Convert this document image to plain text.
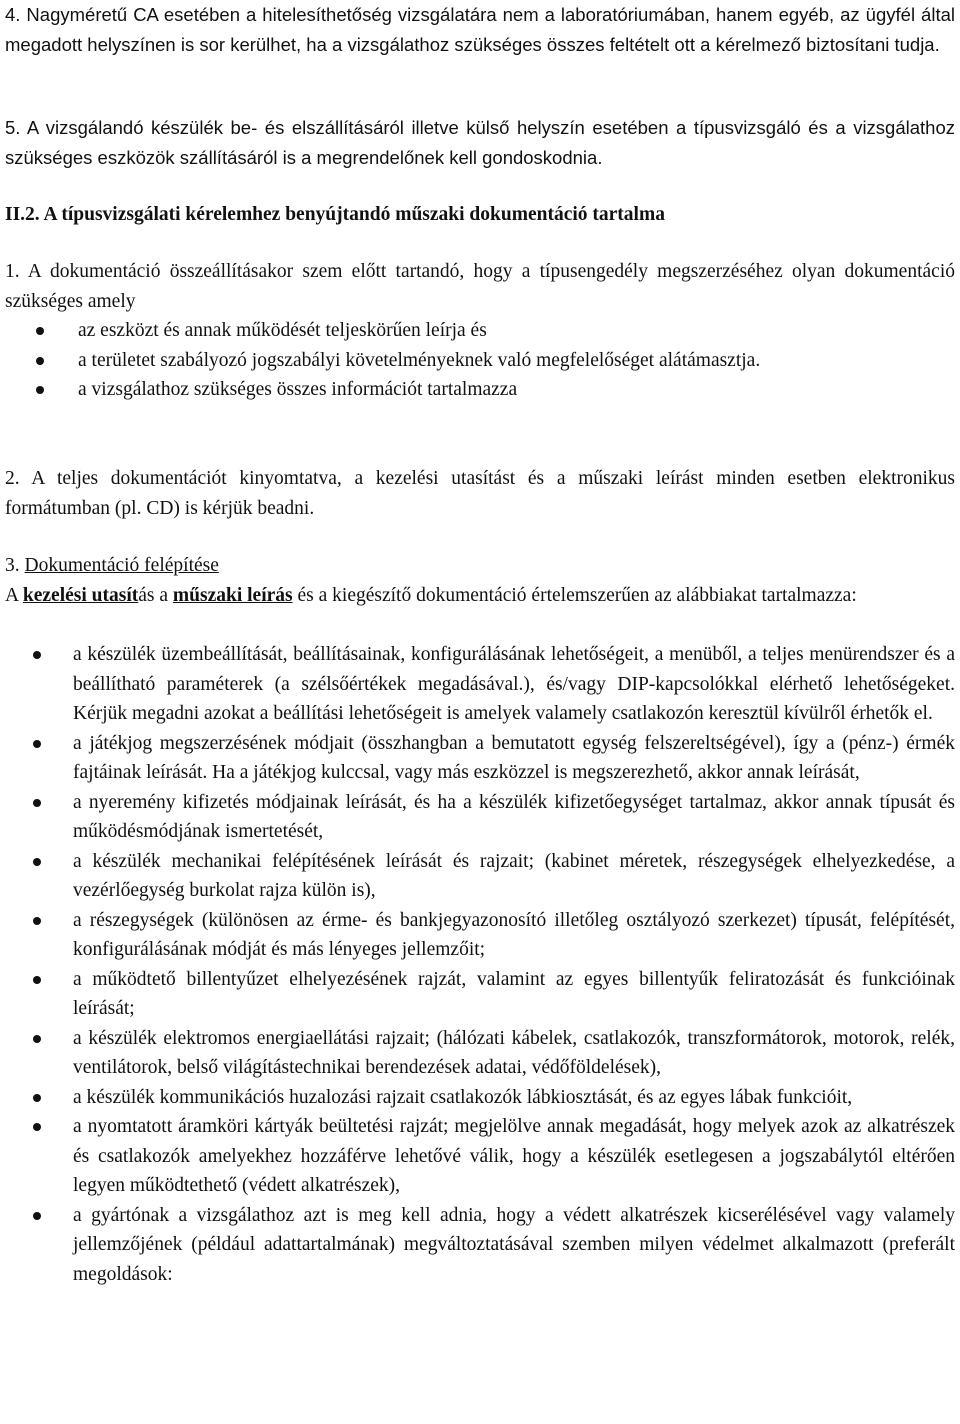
4. Nagyméretű CA esetében a hitelesíthetőség vizsgálatára nem a laboratóriumában, hanem egyéb, az ügyfél által megadott helyszínen is sor kerülhet, ha a vizsgálathoz szükséges összes feltételt ott a kérelmező biztosítani tudja.
5. A vizsgálandó készülék be- és elszállításáról illetve külső helyszín esetében a típusvizsgáló és a vizsgálathoz szükséges eszközök szállításáról is a megrendelőnek kell gondoskodnia.
II.2. A típusvizsgálati kérelemhez benyújtandó műszaki dokumentáció tartalma
1. A dokumentáció összeállításakor szem előtt tartandó, hogy a típusengedély megszerzéséhez olyan dokumentáció szükséges amely
az eszközt és annak működését teljeskörűen leírja és
a területet szabályozó jogszabályi követelményeknek való megfelelőséget alátámasztja.
a vizsgálathoz szükséges összes információt tartalmazza
2. A teljes dokumentációt kinyomtatva, a kezelési utasítást és a műszaki leírást minden esetben elektronikus formátumban (pl. CD) is kérjük beadni.
3. Dokumentáció felépítése
A kezelési utasítás a műszaki leírás és a kiegészítő dokumentáció értelemszerűen az alábbiakat tartalmazza:
a készülék üzembeállítását, beállításainak, konfigurálásának lehetőségeit, a menüből, a teljes menürendszer és a beállítható paraméterek (a szélsőértékek megadásával.), és/vagy DIP-kapcsolókkal elérhető lehetőségeket. Kérjük megadni azokat a beállítási lehetőségeit is amelyek valamely csatlakozón keresztül kívülről érhetők el.
a játékjog megszerzésének módjait (összhangban a bemutatott egység felszereltségével), így a (pénz-) érmék fajtáinak leírását. Ha a játékjog kulccsal, vagy más eszközzel is megszerezhető, akkor annak leírását,
a nyeremény kifizetés módjainak leírását, és ha a készülék kifizetőegységet tartalmaz, akkor annak típusát és működésmódjának ismertetését,
a készülék mechanikai felépítésének leírását és rajzait; (kabinet méretek, részegységek elhelyezkedése, a vezérlőegység burkolat rajza külön is),
a részegységek (különösen az érme- és bankjegyazonosító illetőleg osztályozó szerkezet) típusát, felépítését, konfigurálásának módját és más lényeges jellemzőit;
a működtető billentyűzet elhelyezésének rajzát, valamint az egyes billentyűk feliratozását és funkcióinak leírását;
a készülék elektromos energiaellátási rajzait; (hálózati kábelek, csatlakozók, transzformátorok, motorok, relék, ventilátorok, belső világítástechnikai berendezések adatai, védőföldelések),
a készülék kommunikációs huzalozási rajzait csatlakozók lábkiosztását, és az egyes lábak funkcióit,
a nyomtatott áramköri kártyák beültetési rajzát; megjelölve annak megadását, hogy melyek azok az alkatrészek és csatlakozók amelyekhez hozzáférve lehetővé válik, hogy a készülék esetlegesen a jogszabálytól eltérően legyen működtethető (védett alkatrészek),
a gyártónak a vizsgálathoz azt is meg kell adnia, hogy a védett alkatrészek kicserélésével vagy valamely jellemzőjének (például adattartalmának) megváltoztatásával szemben milyen védelmet alkalmazott (preferált megoldások:
